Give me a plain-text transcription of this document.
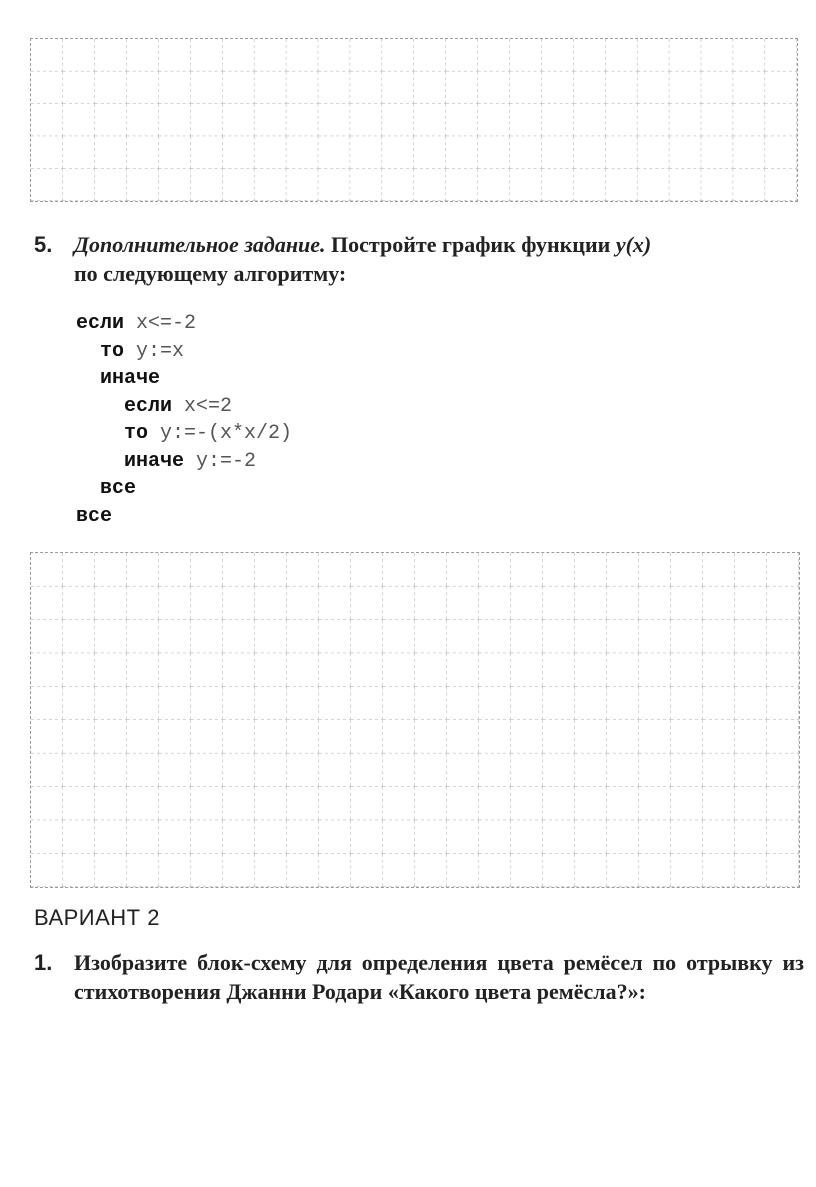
5. Дополнительное задание. Постройте график функции y(x)
по следующему алгоритму:
если x<=-2
то y:=x
иначе
если x<=2
то y:=-(x*x/2)
иначе y:=-2
все
все
ВАРИАНТ 2
1. Изобразите блок-схему для определения цвета ремёсел по отрывку из стихотворения Джанни Родари «Какого цвета ремёсла?»:
